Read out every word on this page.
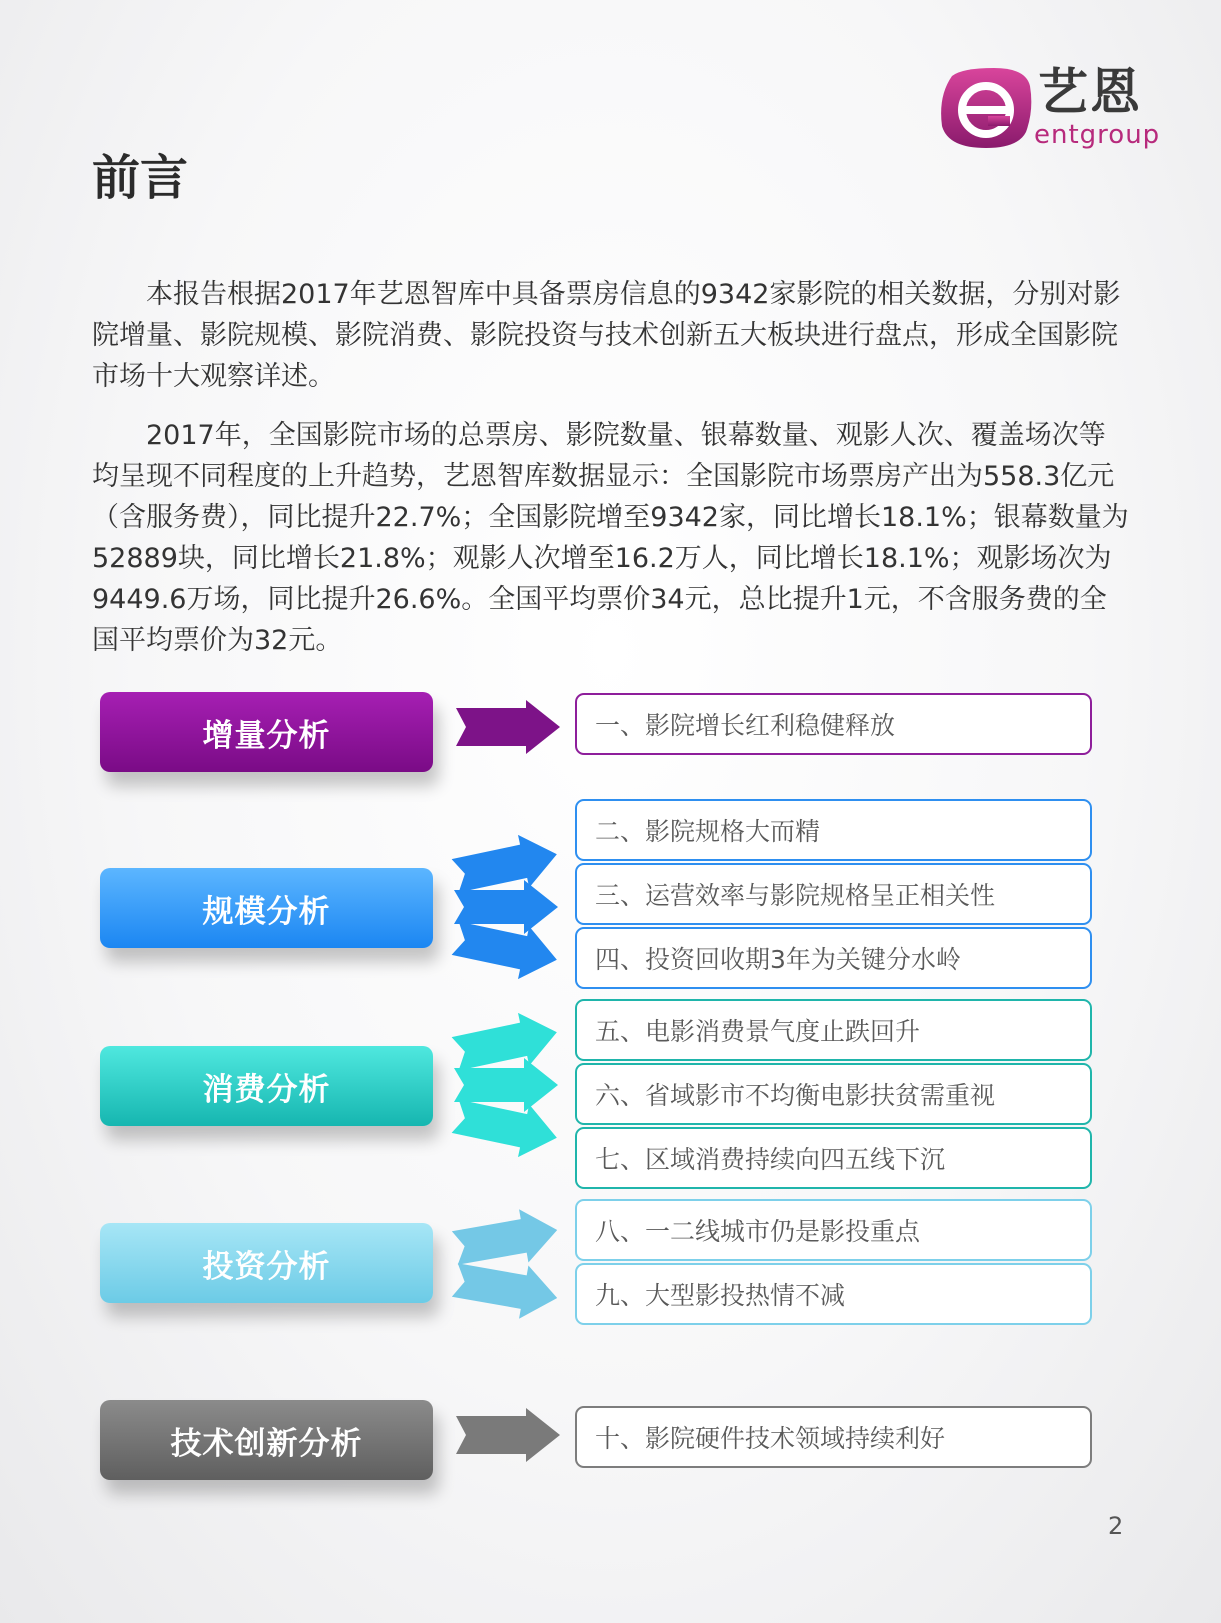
艺恩
entgroup
前言

本报告根据2017年艺恩智库中具备票房信息的9342家影院的相关数据，分别对影院增量、影院规模、影院消费、影院投资与技术创新五大板块进行盘点，形成全国影院市场十大观察详述。

2017年，全国影院市场的总票房、影院数量、银幕数量、观影人次、覆盖场次等均呈现不同程度的上升趋势，艺恩智库数据显示：全国影院市场票房产出为558.3亿元（含服务费），同比提升22.7%；全国影院增至9342家，同比增长18.1%；银幕数量为52889块，同比增长21.8%；观影人次增至16.2万人，同比增长18.1%；观影场次为9449.6万场，同比提升26.6%。全国平均票价34元，总比提升1元，不含服务费的全国平均票价为32元。

增量分析
规模分析
消费分析
投资分析
技术创新分析
一、影院增长红利稳健释放
二、影院规格大而精
三、运营效率与影院规格呈正相关性
四、投资回收期3年为关键分水岭
五、电影消费景气度止跌回升
六、省域影市不均衡电影扶贫需重视
七、区域消费持续向四五线下沉
八、一二线城市仍是影投重点
九、大型影投热情不减
十、影院硬件技术领域持续利好
2
